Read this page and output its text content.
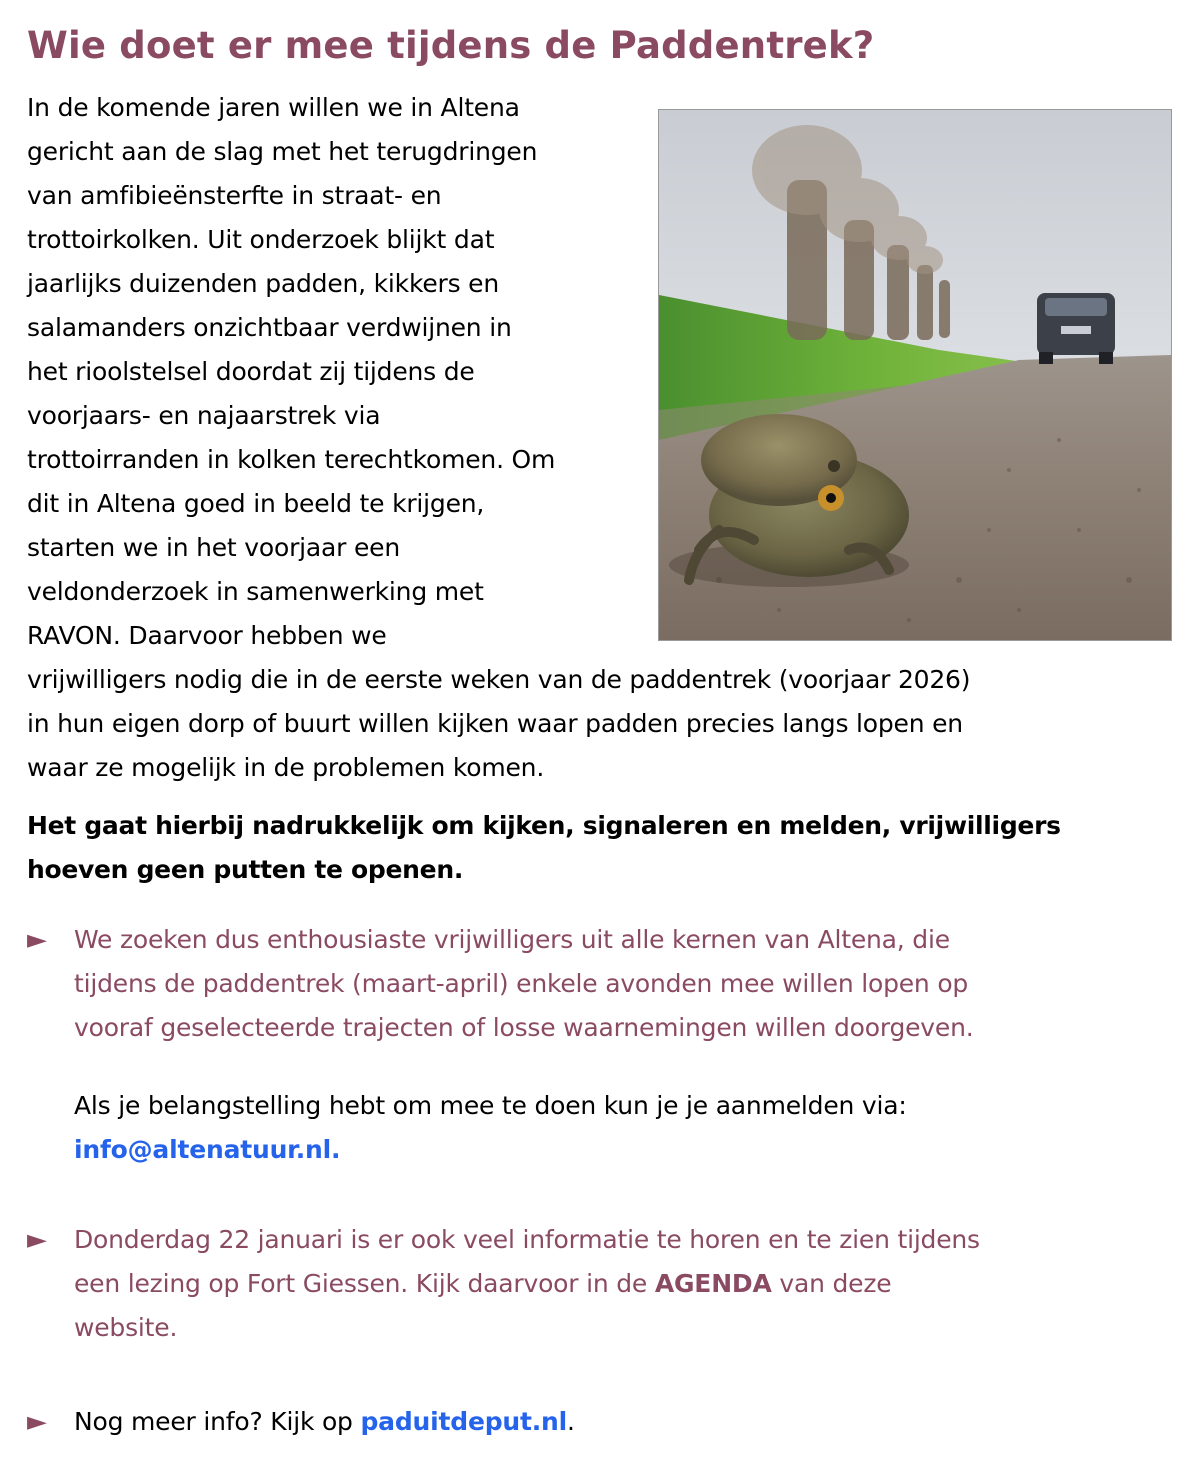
Wie doet er mee tijdens de Paddentrek?
In de komende jaren willen we in Altena
gericht aan de slag met het terugdringen
van amfibieënsterfte in straat- en
trottoirkolken. Uit onderzoek blijkt dat
jaarlijks duizenden padden, kikkers en
salamanders onzichtbaar verdwijnen in
het rioolstelsel doordat zij tijdens de
voorjaars- en najaarstrek via
trottoirranden in kolken terechtkomen. Om
dit in Altena goed in beeld te krijgen,
starten we in het voorjaar een
veldonderzoek in samenwerking met
RAVON. Daarvoor hebben we
vrijwilligers nodig die in de eerste weken van de paddentrek (voorjaar 2026)
in hun eigen dorp of buurt willen kijken waar padden precies langs lopen en
waar ze mogelijk in de problemen komen.
Het gaat hierbij nadrukkelijk om kijken, signaleren en melden, vrijwilligers
hoeven geen putten te openen.
►	We zoeken dus enthousiaste vrijwilligers uit alle kernen van Altena, die
tijdens de paddentrek (maart-april) enkele avonden mee willen lopen op
vooraf geselecteerde trajecten of losse waarnemingen willen doorgeven.
Als je belangstelling hebt om mee te doen kun je je aanmelden via:
info@altenatuur.nl.
►	Donderdag 22 januari is er ook veel informatie te horen en te zien tijdens
een lezing op Fort Giessen. Kijk daarvoor in de AGENDA van deze
website.
►	Nog meer info? Kijk op paduitdeput.nl.
